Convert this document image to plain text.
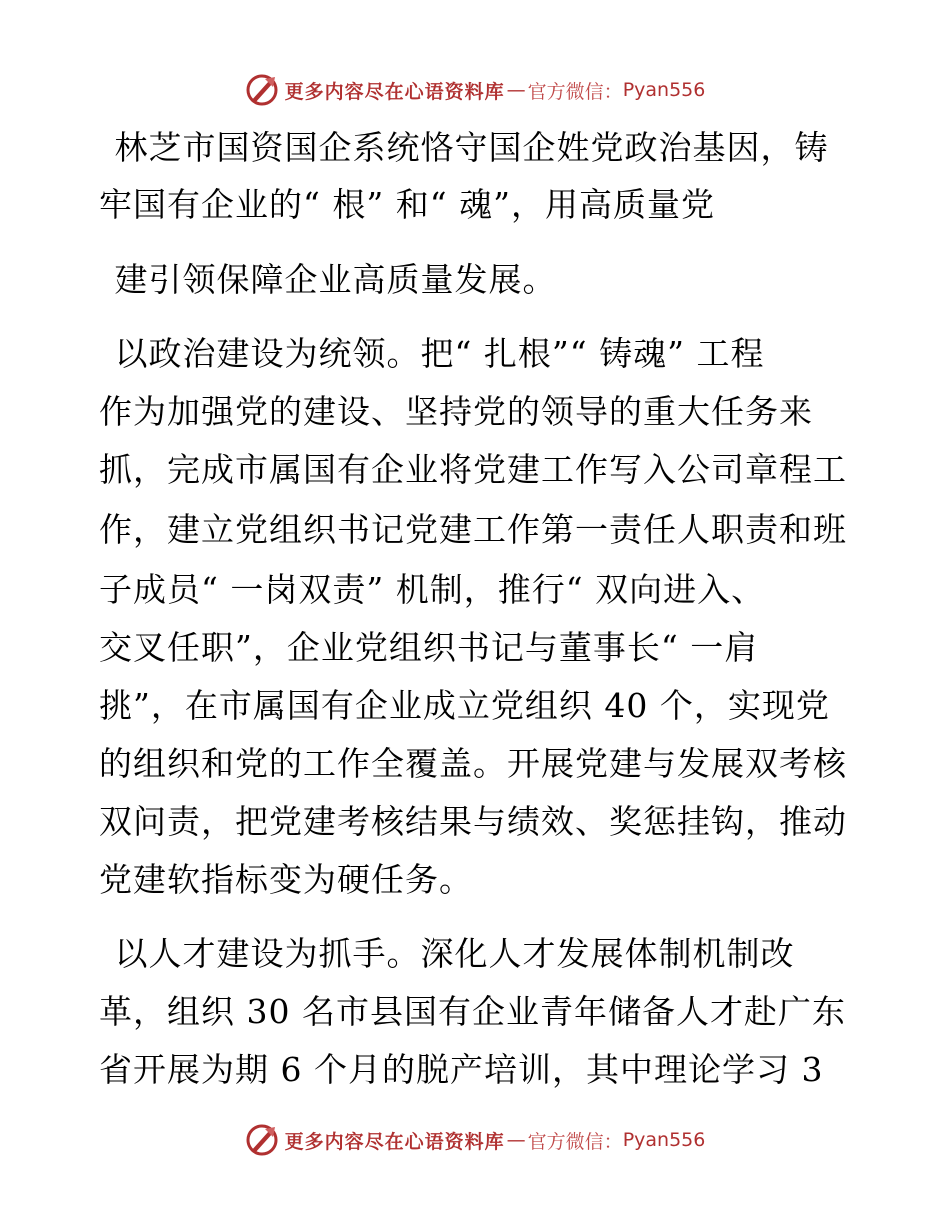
更多内容尽在心语资料库 — 官方微信： Pyan556
林芝市国资国企系统恪守国企姓党政治基因，铸
牢国有企业的“ 根” 和“ 魂”，用高质量党
建引领保障企业高质量发展。
以政治建设为统领。把“ 扎根”“ 铸魂” 工程
作为加强党的建设、坚持党的领导的重大任务来
抓，完成市属国有企业将党建工作写入公司章程工
作，建立党组织书记党建工作第一责任人职责和班
子成员“ 一岗双责” 机制，推行“ 双向进入、
交叉任职”，企业党组织书记与董事长“ 一肩
挑”，在市属国有企业成立党组织 40 个，实现党
的组织和党的工作全覆盖。开展党建与发展双考核
双问责，把党建考核结果与绩效、奖惩挂钩，推动
党建软指标变为硬任务。
以人才建设为抓手。深化人才发展体制机制改
革，组织 30 名市县国有企业青年储备人才赴广东
省开展为期 6 个月的脱产培训，其中理论学习 3
更多内容尽在心语资料库 — 官方微信： Pyan556
